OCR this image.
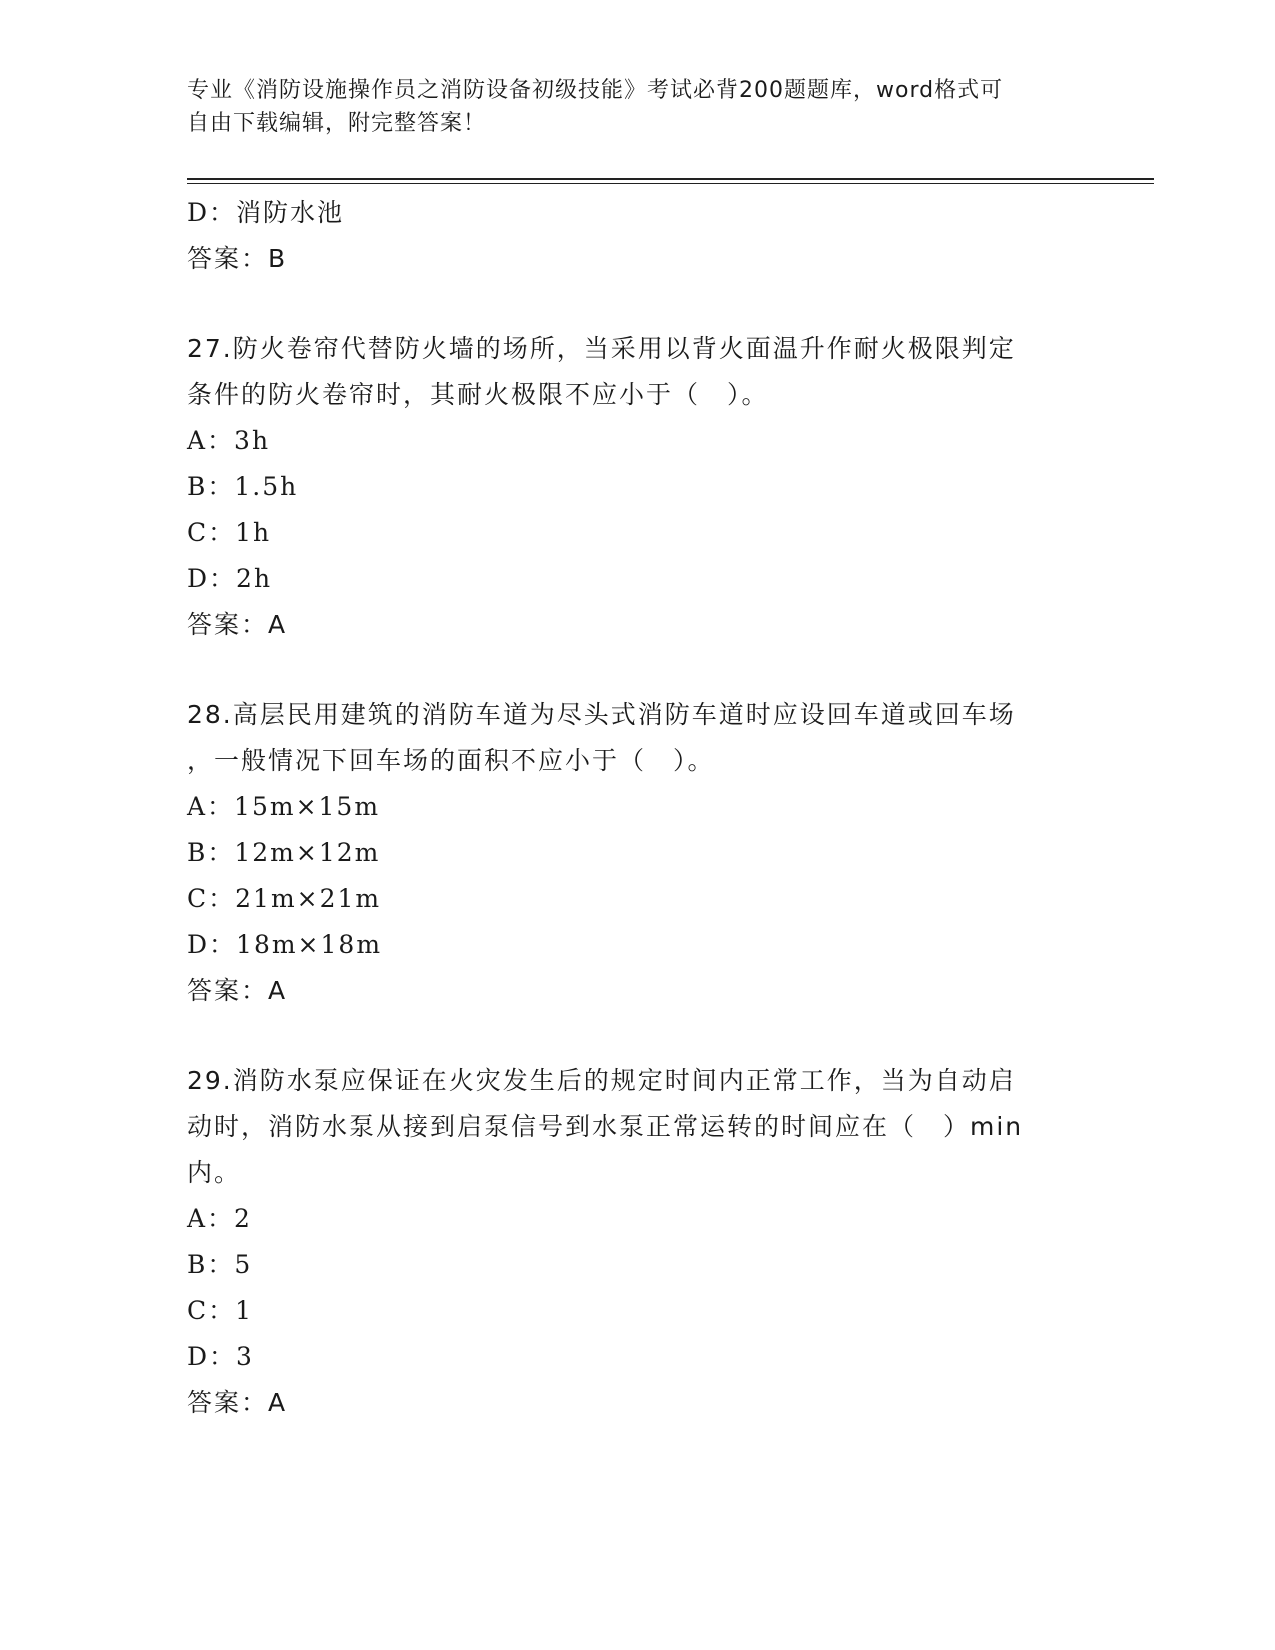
专业《消防设施操作员之消防设备初级技能》考试必背200题题库，word格式可
自由下载编辑，附完整答案！

D：消防水池

答案：B

27.防火卷帘代替防火墙的场所，当采用以背火面温升作耐火极限判定

条件的防火卷帘时，其耐火极限不应小于（　）。

A：3h

B：1.5h

C：1h

D：2h

答案：A

28.高层民用建筑的消防车道为尽头式消防车道时应设回车道或回车场

，一般情况下回车场的面积不应小于（　）。

A：15m×15m

B：12m×12m

C：21m×21m

D：18m×18m

答案：A

29.消防水泵应保证在火灾发生后的规定时间内正常工作，当为自动启

动时，消防水泵从接到启泵信号到水泵正常运转的时间应在（　）min

内。

A：2

B：5

C：1

D：3

答案：A
